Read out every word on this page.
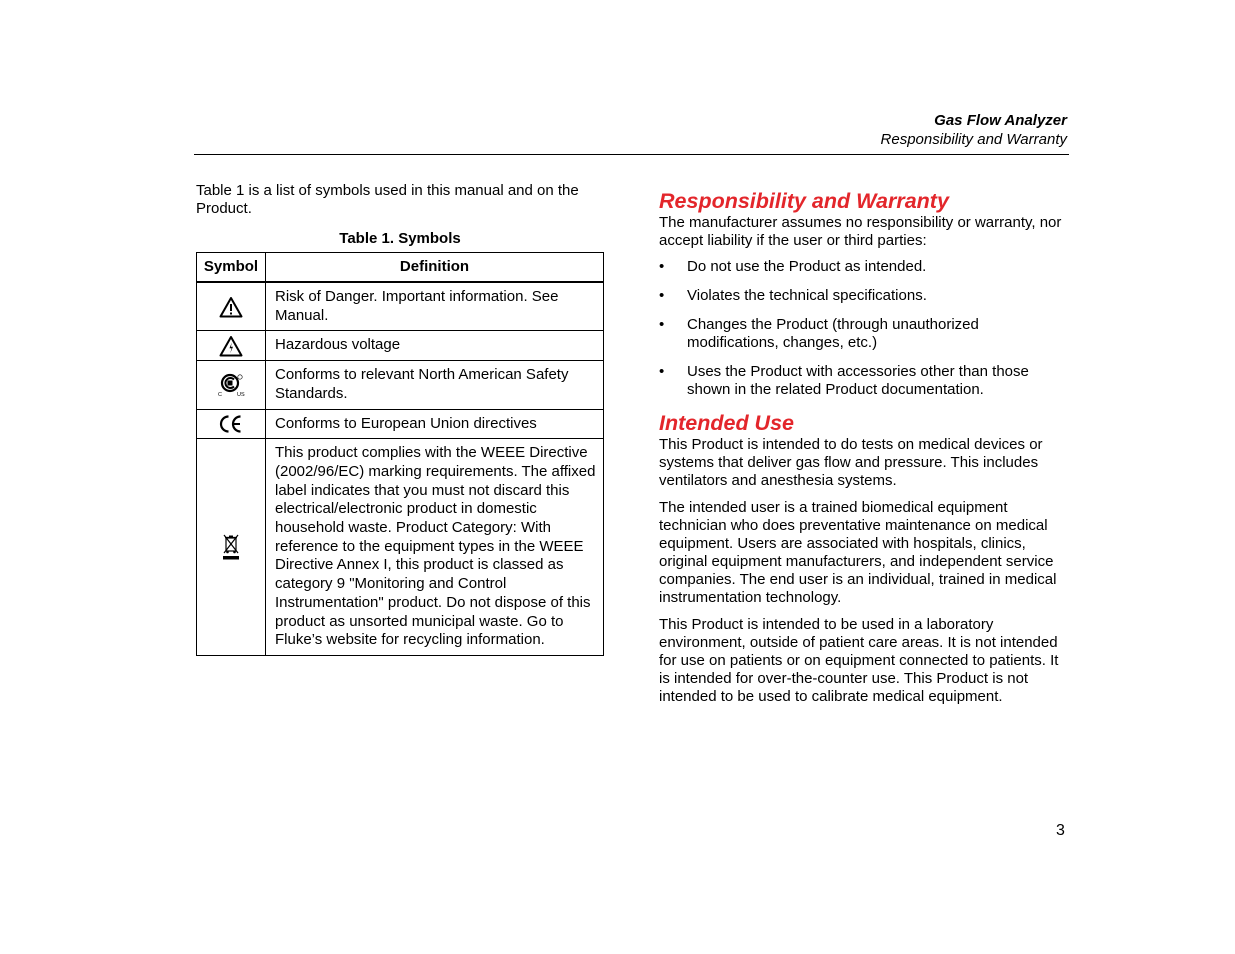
Gas Flow Analyzer
Responsibility and Warranty

Table 1 is a list of symbols used in this manual and on the Product.

Table 1. Symbols
Symbol	Definition

	Risk of Danger. Important information. See Manual.

	Hazardous voltage

C US	Conforms to relevant North American Safety Standards.

	Conforms to European Union directives

	This product complies with the WEEE Directive (2002/96/EC) marking requirements. The affixed label indicates that you must not discard this electrical/electronic product in domestic household waste. Product Category: With reference to the equipment types in the WEEE Directive Annex I, this product is classed as category 9 "Monitoring and Control Instrumentation" product. Do not dispose of this product as unsorted municipal waste. Go to Fluke’s website for recycling information.
Responsibility and Warranty

The manufacturer assumes no responsibility or warranty, nor accept liability if the user or third parties:

• Do not use the Product as intended.
• Violates the technical specifications.
• Changes the Product (through unauthorized modifications, changes, etc.)
• Uses the Product with accessories other than those shown in the related Product documentation.
Intended Use

This Product is intended to do tests on medical devices or systems that deliver gas flow and pressure. This includes ventilators and anesthesia systems.

The intended user is a trained biomedical equipment technician who does preventative maintenance on medical equipment. Users are associated with hospitals, clinics, original equipment manufacturers, and independent service companies. The end user is an individual, trained in medical instrumentation technology.

This Product is intended to be used in a laboratory environment, outside of patient care areas. It is not intended for use on patients or on equipment connected to patients. It is intended for over-the-counter use. This Product is not intended to be used to calibrate medical equipment.

3
